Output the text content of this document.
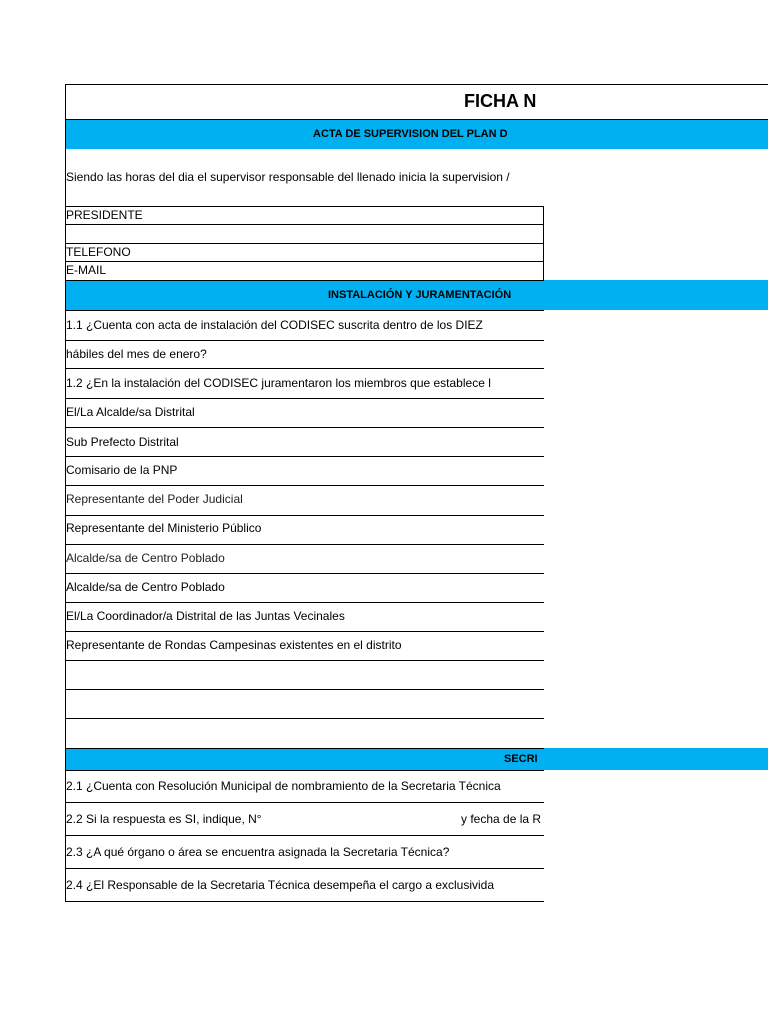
FICHA N
ACTA DE SUPERVISION DEL PLAN D
Siendo las horas del dia el supervisor responsable del llenado inicia la supervision /
PRESIDENTE
TELEFONO
E-MAIL
INSTALACIÓN Y JURAMENTACIÓN
1.1 ¿Cuenta con acta de instalación del CODISEC suscrita dentro de los DIEZ
hábiles del mes de enero?
1.2 ¿En la instalación del CODISEC juramentaron los miembros que establece l
El/La Alcalde/sa Distrital
Sub Prefecto Distrital
Comisario de la PNP
Representante del Poder Judicial
Representante del Ministerio Público
Alcalde/sa de Centro Poblado
Alcalde/sa de Centro Poblado
El/La Coordinador/a Distrital de las Juntas Vecinales
Representante de Rondas Campesinas existentes en el distrito
SECRI
2.1 ¿Cuenta con Resolución Municipal de nombramiento de la Secretaria Técnica
2.2 Si la respuesta es SI, indique, N°	y fecha de la R
2.3 ¿A qué órgano o área se encuentra asignada la Secretaria Técnica?
2.4 ¿El Responsable de la Secretaria Técnica desempeña el cargo a exclusivida
